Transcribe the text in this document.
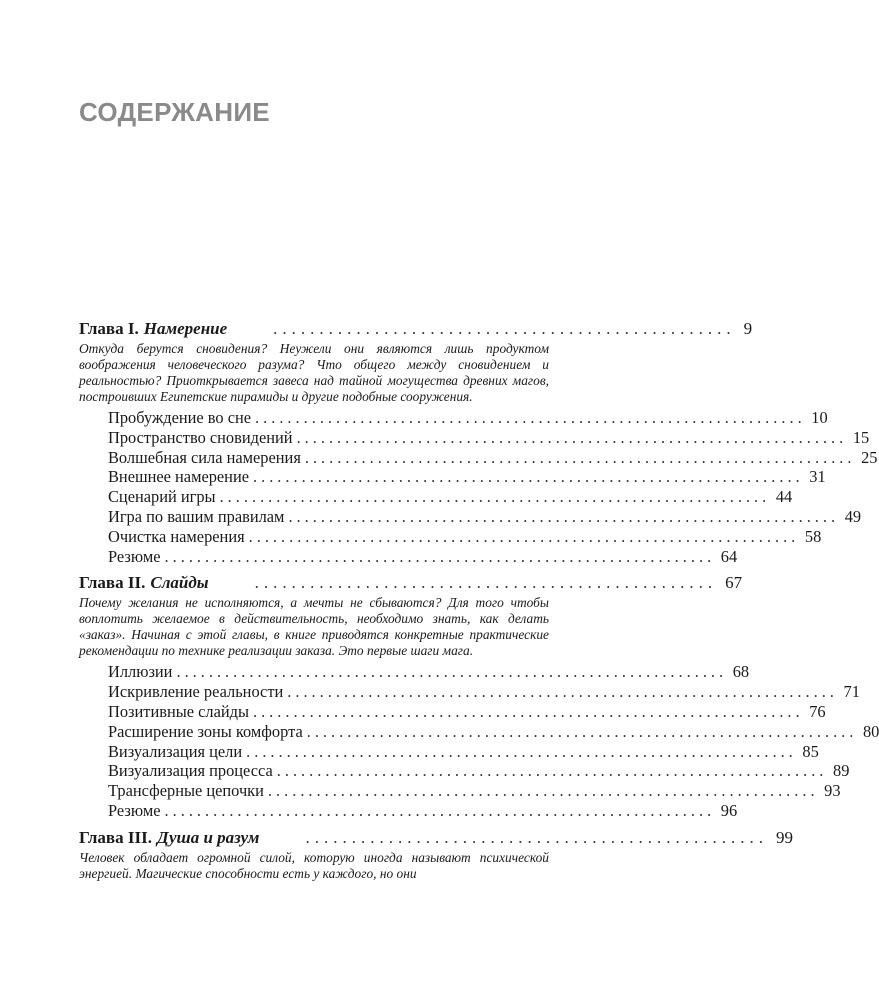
СОДЕРЖАНИЕ
Глава I. Намерение	.................................................. 9
Откуда берутся сновидения? Неужели они являются лишь продуктом воображения человеческого разума? Что общего между сновидением и реальностью? Приоткрывается завеса над тайной могущества древних магов, построивших Египетские пирамиды и другие подобные сооружения.
Пробуждение во сне .................................................................... 10
Пространство сновидений .................................................................... 15
Волшебная сила намерения .................................................................... 25
Внешнее намерение .................................................................... 31
Сценарий игры .................................................................... 44
Игра по вашим правилам .................................................................... 49
Очистка намерения .................................................................... 58
Резюме .................................................................... 64
Глава II. Слайды	.................................................. 67
Почему желания не исполняются, а мечты не сбываются? Для того чтобы воплотить желаемое в действительность, необходимо знать, как делать «заказ». Начиная с этой главы, в книге приводятся конкретные практические рекомендации по технике реализации заказа. Это первые шаги мага.
Иллюзии .................................................................... 68
Искривление реальности .................................................................... 71
Позитивные слайды .................................................................... 76
Расширение зоны комфорта .................................................................... 80
Визуализация цели .................................................................... 85
Визуализация процесса .................................................................... 89
Трансферные цепочки .................................................................... 93
Резюме .................................................................... 96
Глава III. Душа и разум	.................................................. 99
Человек обладает огромной силой, которую иногда называют психической энергией. Магические способности есть у каждого, но они
